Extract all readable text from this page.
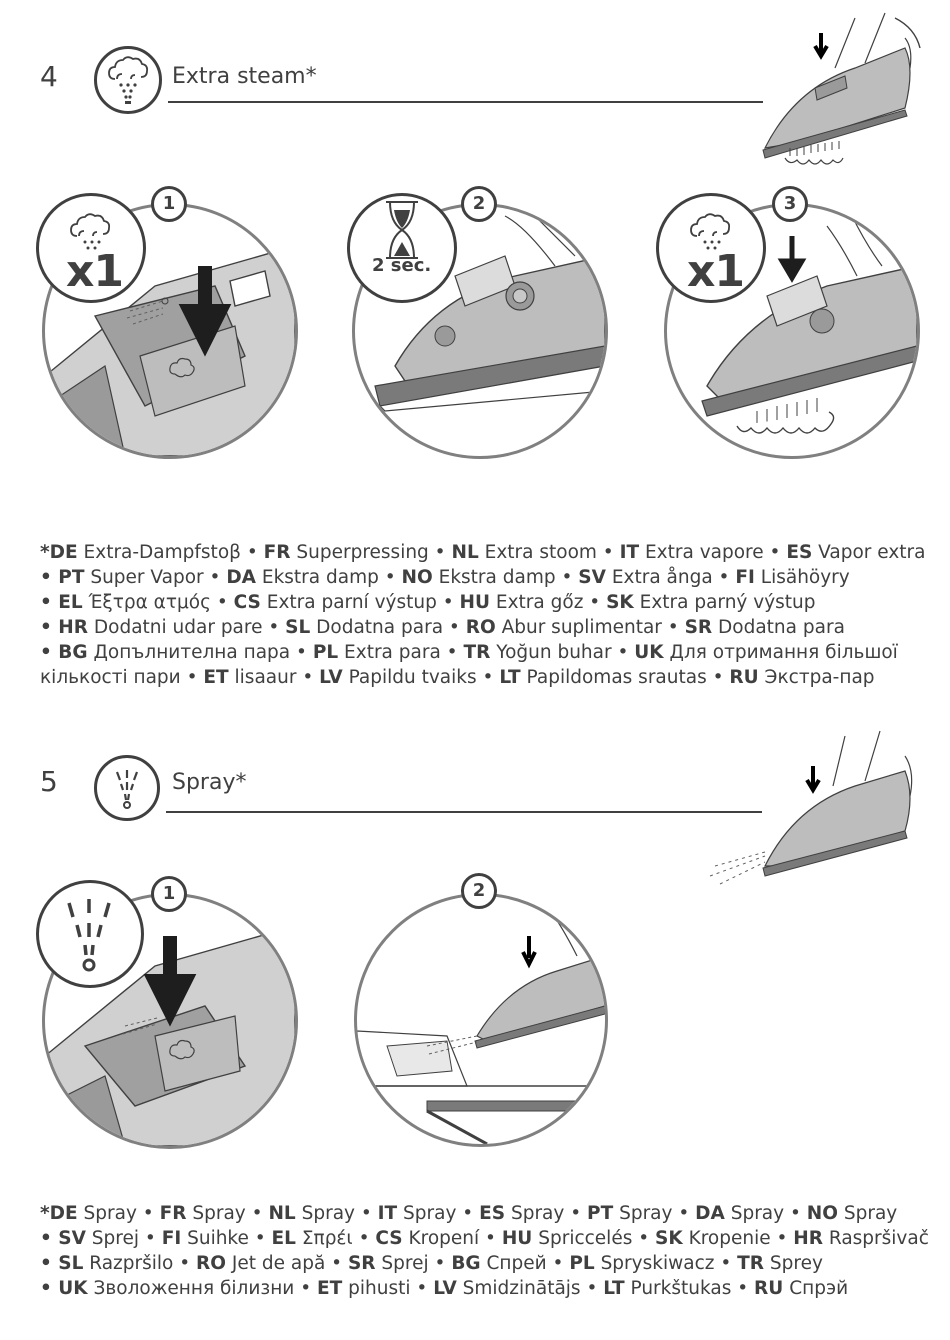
4	Extra steam*
x1
1
2 sec.
2
x1
3
*DE Extra-Dampfstoβ • FR Superpressing • NL Extra stoom • IT Extra vapore • ES Vapor extra
• PT Super Vapor • DA Ekstra damp • NO Ekstra damp • SV Extra ånga • FI Lisähöyry
• EL Έξτρα ατμός • CS Extra parní výstup • HU Extra gőz • SK Extra parný výstup
• HR Dodatni udar pare • SL Dodatna para • RO Abur suplimentar • SR Dodatna para
• BG Допълнителна пара • PL Extra para • TR Yoğun buhar • UK Для отримання більшої
кількості пари • ET lisaaur • LV Papildu tvaiks • LT Papildomas srautas • RU Экстра-пар
5	Spray*
1	2
*DE Spray • FR Spray • NL Spray • IT Spray • ES Spray • PT Spray • DA Spray • NO Spray
• SV Sprej • FI Suihke • EL Σπρέι • CS Kropení • HU Spriccelés • SK Kropenie • HR Raspršivač
• SL Razpršilo • RO Jet de apă • SR Sprej • BG Спрей • PL Spryskiwacz • TR Sprey
• UK Зволоження білизни • ET pihusti • LV Smidzinātājs • LT Purkštukas • RU Спрэй
